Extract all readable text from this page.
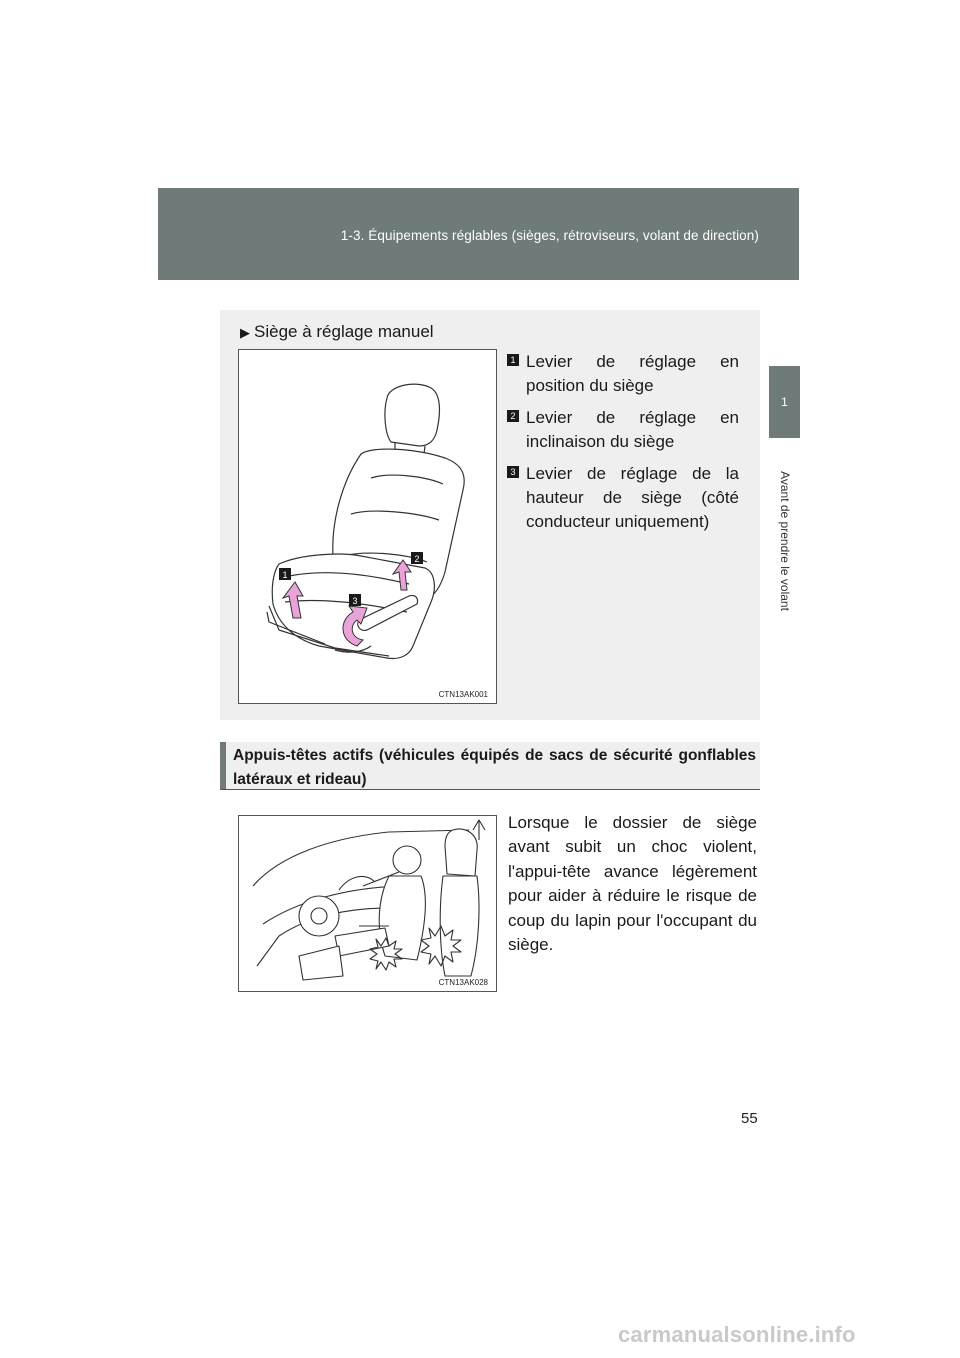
1-3. Équipements réglables (sièges, rétroviseurs, volant de direction)
1
Avant de prendre le volant
▶ Siège à réglage manuel
1
2
3
CTN13AK001
1 Levier de réglage en position du siège
2 Levier de réglage en inclinaison du siège
3 Levier de réglage de la hauteur de siège (côté conducteur uniquement)
Appuis-têtes actifs (véhicules équipés de sacs de sécurité gonflables latéraux et rideau)
CTN13AK028
Lorsque le dossier de siège avant subit un choc violent, l'appui-tête avance légèrement pour aider à réduire le risque de coup du lapin pour l'occupant du siège.
55
carmanualsonline.info
